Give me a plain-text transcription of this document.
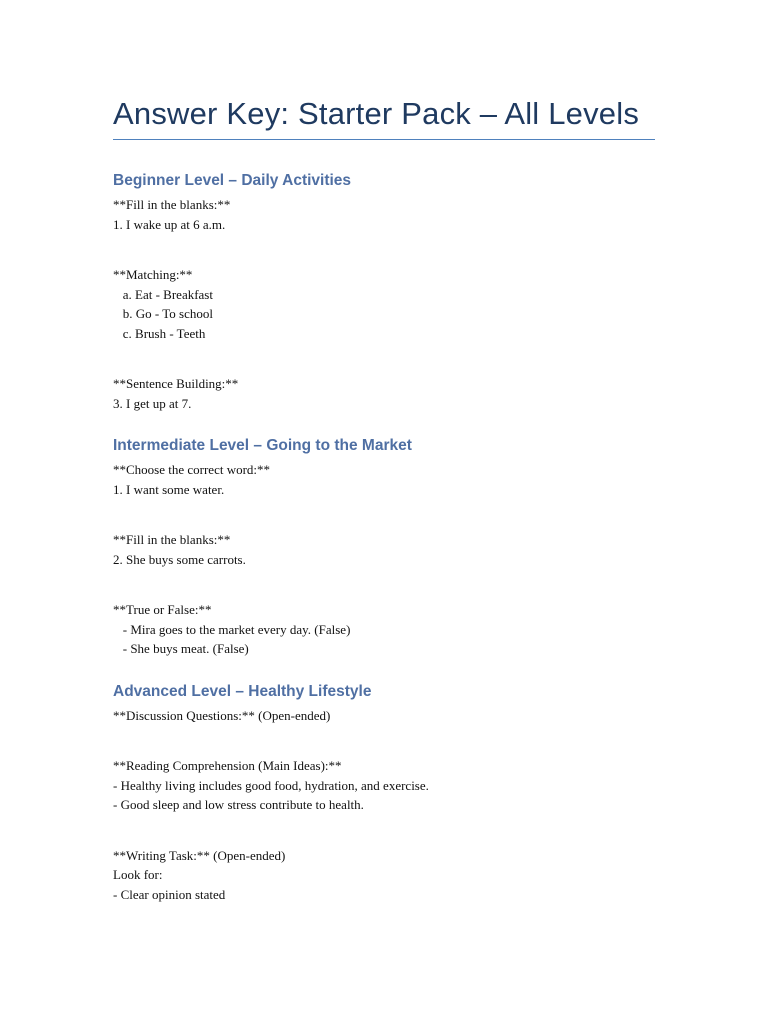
Answer Key: Starter Pack – All Levels
Beginner Level – Daily Activities

**Fill in the blanks:**

1. I wake up at 6 a.m.

**Matching:**

a. Eat - Breakfast

b. Go - To school

c. Brush - Teeth

**Sentence Building:**

3. I get up at 7.

Intermediate Level – Going to the Market

**Choose the correct word:**

1. I want some water.

**Fill in the blanks:**

2. She buys some carrots.

**True or False:**

- Mira goes to the market every day. (False)

- She buys meat. (False)

Advanced Level – Healthy Lifestyle

**Discussion Questions:** (Open-ended)

**Reading Comprehension (Main Ideas):**

- Healthy living includes good food, hydration, and exercise.

- Good sleep and low stress contribute to health.

**Writing Task:** (Open-ended)

Look for:

- Clear opinion stated
